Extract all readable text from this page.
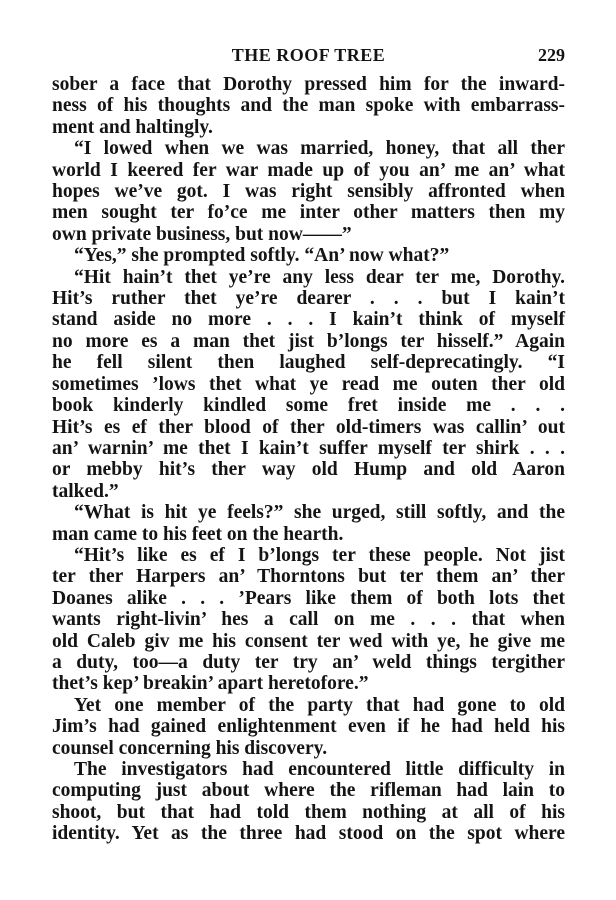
THE ROOF TREE	229
sober a face that Dorothy pressed him for the inward-
ness of his thoughts and the man spoke with embarrass-
ment and haltingly.
“I lowed when we was married, honey, that all ther
world I keered fer war made up of you an’ me an’ what
hopes we’ve got. I was right sensibly affronted when
men sought ter fo’ce me inter other matters then my
own private business, but now——”
“Yes,” she prompted softly. “An’ now what?”
“Hit hain’t thet ye’re any less dear ter me, Dorothy.
Hit’s ruther thet ye’re dearer . . . but I kain’t
stand aside no more . . . I kain’t think of myself
no more es a man thet jist b’longs ter hisself.” Again
he fell silent then laughed self-deprecatingly. “I
sometimes ’lows thet what ye read me outen ther old
book kinderly kindled some fret inside me . . .
Hit’s es ef ther blood of ther old-timers was callin’ out
an’ warnin’ me thet I kain’t suffer myself ter shirk . . .
or mebby hit’s ther way old Hump and old Aaron
talked.”
“What is hit ye feels?” she urged, still softly, and the
man came to his feet on the hearth.
“Hit’s like es ef I b’longs ter these people. Not jist
ter ther Harpers an’ Thorntons but ter them an’ ther
Doanes alike . . . ’Pears like them of both lots thet
wants right-livin’ hes a call on me . . . that when
old Caleb giv me his consent ter wed with ye, he give me
a duty, too—a duty ter try an’ weld things tergither
thet’s kep’ breakin’ apart heretofore.”
Yet one member of the party that had gone to old
Jim’s had gained enlightenment even if he had held his
counsel concerning his discovery.
The investigators had encountered little difficulty in
computing just about where the rifleman had lain to
shoot, but that had told them nothing at all of his
identity. Yet as the three had stood on the spot where
